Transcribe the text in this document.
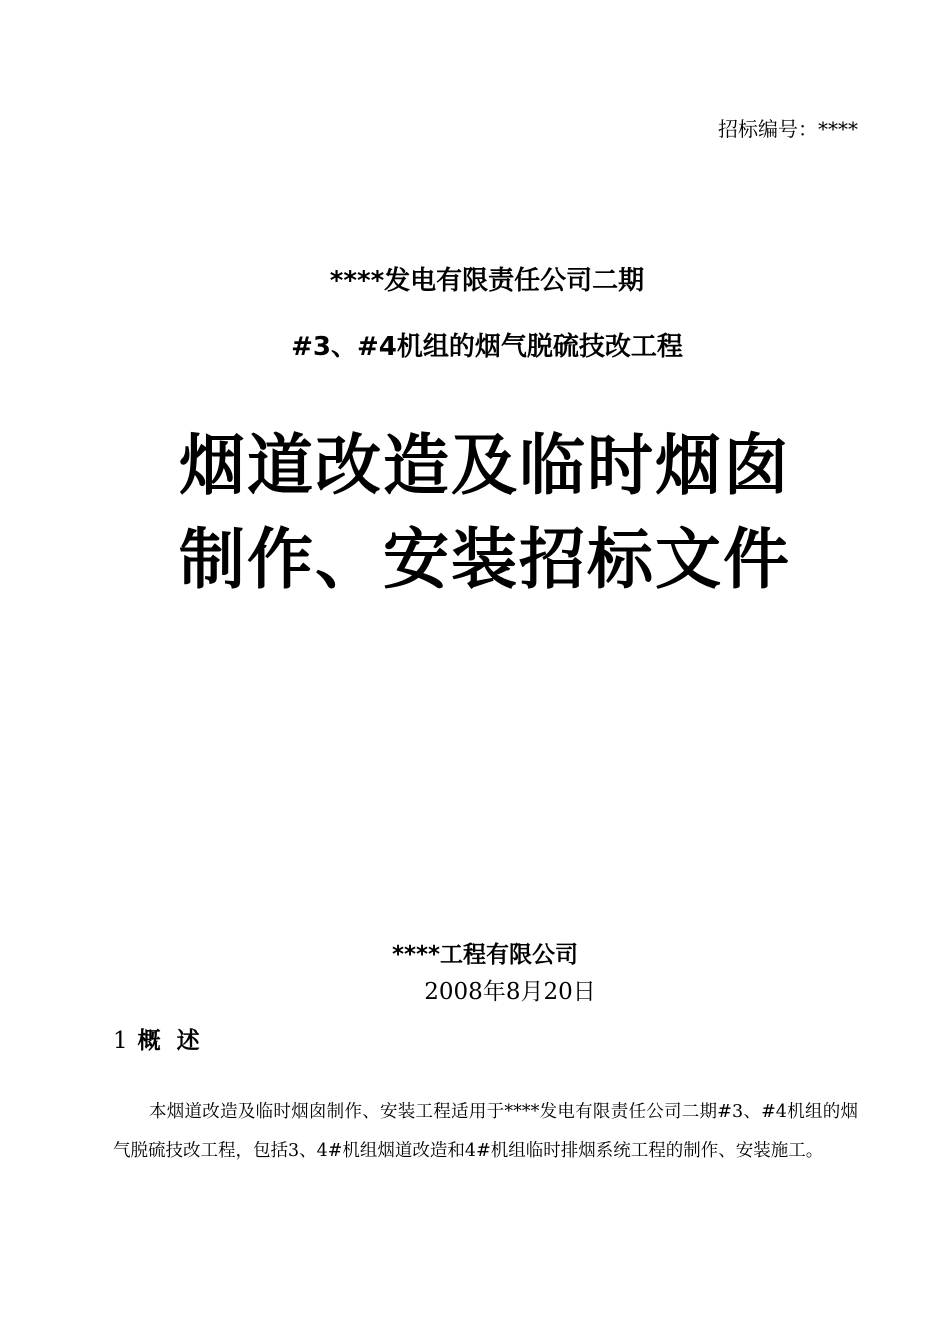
招标编号：****
****发电有限责任公司二期
#3、#4机组的烟气脱硫技改工程
烟道改造及临时烟囱
制作、安装招标文件
****工程有限公司
2008年8月20日
1 概 述
本烟道改造及临时烟囱制作、安装工程适用于****发电有限责任公司二期#3、#4机组的烟气脱硫技改工程，包括3、4#机组烟道改造和4#机组临时排烟系统工程的制作、安装施工。
